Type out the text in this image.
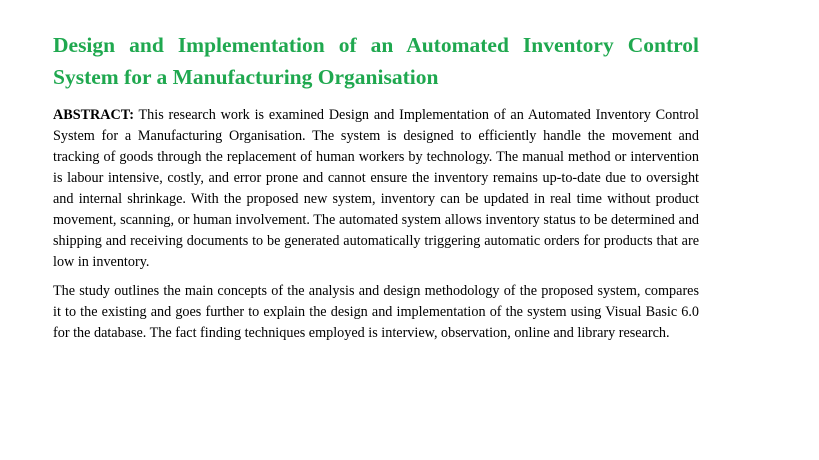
Design and Implementation of an Automated Inventory Control System for a Manufacturing Organisation

ABSTRACT: This research work is examined Design and Implementation of an Automated Inventory Control System for a Manufacturing Organisation. The system is designed to efficiently handle the movement and tracking of goods through the replacement of human workers by technology. The manual method or intervention is labour intensive, costly, and error prone and cannot ensure the inventory remains up-to-date due to oversight and internal shrinkage. With the proposed new system, inventory can be updated in real time without product movement, scanning, or human involvement. The automated system allows inventory status to be determined and shipping and receiving documents to be generated automatically triggering automatic orders for products that are low in inventory.

The study outlines the main concepts of the analysis and design methodology of the proposed system, compares it to the existing and goes further to explain the design and implementation of the system using Visual Basic 6.0 for the database. The fact finding techniques employed is interview, observation, online and library research.
